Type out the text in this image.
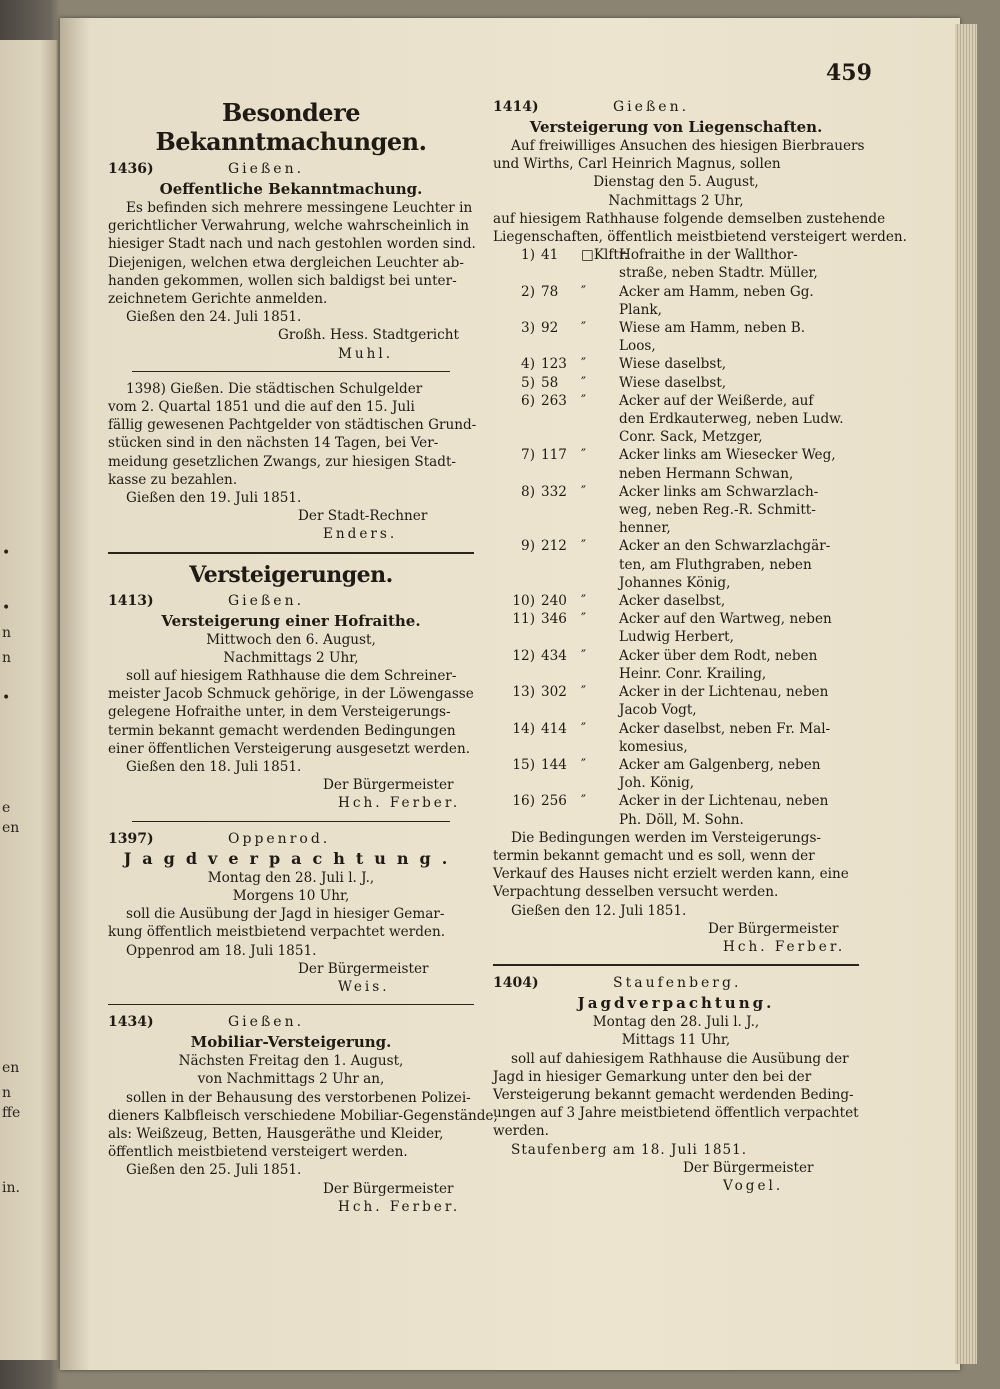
•
•
n
n
•
e
en
en
n
ffe
in.
459
Besondere Bekanntmachungen.
1436)	Gießen.
Oeffentliche Bekanntmachung.
Es befinden sich mehrere messingene Leuchter in
gerichtlicher Verwahrung, welche wahrscheinlich in
hiesiger Stadt nach und nach gestohlen worden sind.
Diejenigen, welchen etwa dergleichen Leuchter ab-
handen gekommen, wollen sich baldigst bei unter-
zeichnetem Gerichte anmelden.
Gießen den 24. Juli 1851.
Großh. Hess. Stadtgericht
Muhl.
1398) Gießen. Die städtischen Schulgelder
vom 2. Quartal 1851 und die auf den 15. Juli
fällig gewesenen Pachtgelder von städtischen Grund-
stücken sind in den nächsten 14 Tagen, bei Ver-
meidung gesetzlichen Zwangs, zur hiesigen Stadt-
kasse zu bezahlen.
Gießen den 19. Juli 1851.
Der Stadt-Rechner
Enders.
Versteigerungen.
1413)	Gießen.
Versteigerung einer Hofraithe.
Mittwoch den 6. August,
Nachmittags 2 Uhr,
soll auf hiesigem Rathhause die dem Schreiner-
meister Jacob Schmuck gehörige, in der Löwengasse
gelegene Hofraithe unter, in dem Versteigerungs-
termin bekannt gemacht werdenden Bedingungen
einer öffentlichen Versteigerung ausgesetzt werden.
Gießen den 18. Juli 1851.
Der Bürgermeister
Hch. Ferber.
1397)	Oppenrod.
Jagdverpachtung.
Montag den 28. Juli l. J.,
Morgens 10 Uhr,
soll die Ausübung der Jagd in hiesiger Gemar-
kung öffentlich meistbietend verpachtet werden.
Oppenrod am 18. Juli 1851.
Der Bürgermeister
Weis.
1434)	Gießen.
Mobiliar-Versteigerung.
Nächsten Freitag den 1. August,
von Nachmittags 2 Uhr an,
sollen in der Behausung des verstorbenen Polizei-
dieners Kalbfleisch verschiedene Mobiliar-Gegenstände,
als: Weißzeug, Betten, Hausgeräthe und Kleider,
öffentlich meistbietend versteigert werden.
Gießen den 25. Juli 1851.
Der Bürgermeister
Hch. Ferber.
1414)	Gießen.
Versteigerung von Liegenschaften.
Auf freiwilliges Ansuchen des hiesigen Bierbrauers
und Wirths, Carl Heinrich Magnus, sollen
Dienstag den 5. August,
Nachmittags 2 Uhr,
auf hiesigem Rathhause folgende demselben zustehende
Liegenschaften, öffentlich meistbietend versteigert werden.
1) 41	□Klftr.
Hofraithe in der Wallthor-
straße, neben Stadtr. Müller,
2) 78	″	Acker am Hamm, neben Gg.
Plank,
3) 92	″	Wiese am Hamm, neben B.
Loos,
4) 123	″	Wiese daselbst,
5) 58	″	Wiese daselbst,
6) 263	″	Acker auf der Weißerde, auf
den Erdkauterweg, neben Ludw.
Conr. Sack, Metzger,
7) 117	″	Acker links am Wiesecker Weg,
neben Hermann Schwan,
8) 332	″	Acker links am Schwarzlach-
weg, neben Reg.-R. Schmitt-
henner,
9) 212	″	Acker an den Schwarzlachgär-
ten, am Fluthgraben, neben
Johannes König,
10) 240	″	Acker daselbst,
11) 346	″	Acker auf den Wartweg, neben
Ludwig Herbert,
12) 434	″	Acker über dem Rodt, neben
Heinr. Conr. Krailing,
13) 302	″	Acker in der Lichtenau, neben
Jacob Vogt,
14) 414	″	Acker daselbst, neben Fr. Mal-
komesius,
15) 144	″	Acker am Galgenberg, neben
Joh. König,
16) 256	″	Acker in der Lichtenau, neben
Ph. Döll, M. Sohn.
Die Bedingungen werden im Versteigerungs-
termin bekannt gemacht und es soll, wenn der
Verkauf des Hauses nicht erzielt werden kann, eine
Verpachtung desselben versucht werden.
Gießen den 12. Juli 1851.
Der Bürgermeister
Hch. Ferber.
1404)	Staufenberg.
Jagdverpachtung.
Montag den 28. Juli l. J.,
Mittags 11 Uhr,
soll auf dahiesigem Rathhause die Ausübung der
Jagd in hiesiger Gemarkung unter den bei der
Versteigerung bekannt gemacht werdenden Beding-
ungen auf 3 Jahre meistbietend öffentlich verpachtet
werden.
Staufenberg am 18. Juli 1851.
Der Bürgermeister
Vogel.
